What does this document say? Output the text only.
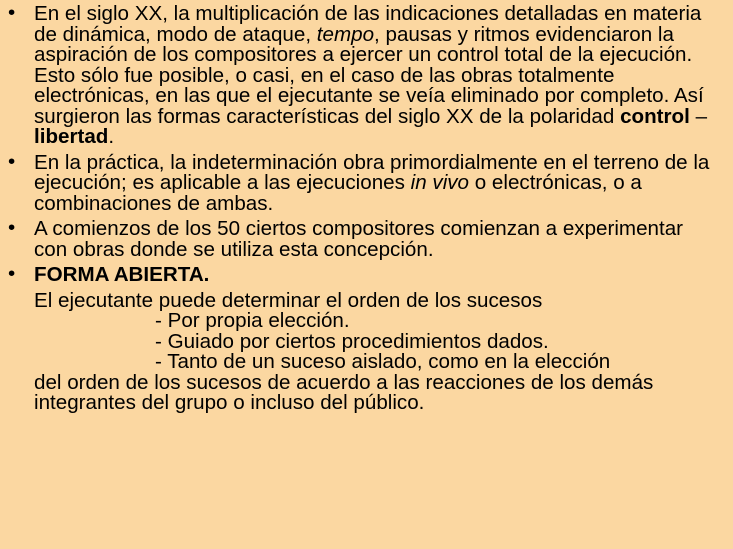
• En el siglo XX, la multiplicación de las indicaciones detalladas en materia de dinámica, modo de ataque, tempo, pausas y ritmos evidenciaron la aspiración de los compositores a ejercer un control total de la ejecución. Esto sólo fue posible, o casi, en el caso de las obras totalmente electrónicas, en las que el ejecutante se veía eliminado por completo. Así surgieron las formas características del siglo XX de la polaridad control – libertad.
• En la práctica, la indeterminación obra primordialmente en el terreno de la ejecución; es aplicable a las ejecuciones in vivo o electrónicas, o a combinaciones de ambas.
• A comienzos de los 50 ciertos compositores comienzan a experimentar con obras donde se utiliza esta concepción.
• FORMA ABIERTA.
El ejecutante puede determinar el orden de los sucesos
- Por propia elección.
- Guiado por ciertos procedimientos dados.
- Tanto de un suceso aislado, como en la elección
del orden de los sucesos de acuerdo a las reacciones de los demás integrantes del grupo o incluso del público.
